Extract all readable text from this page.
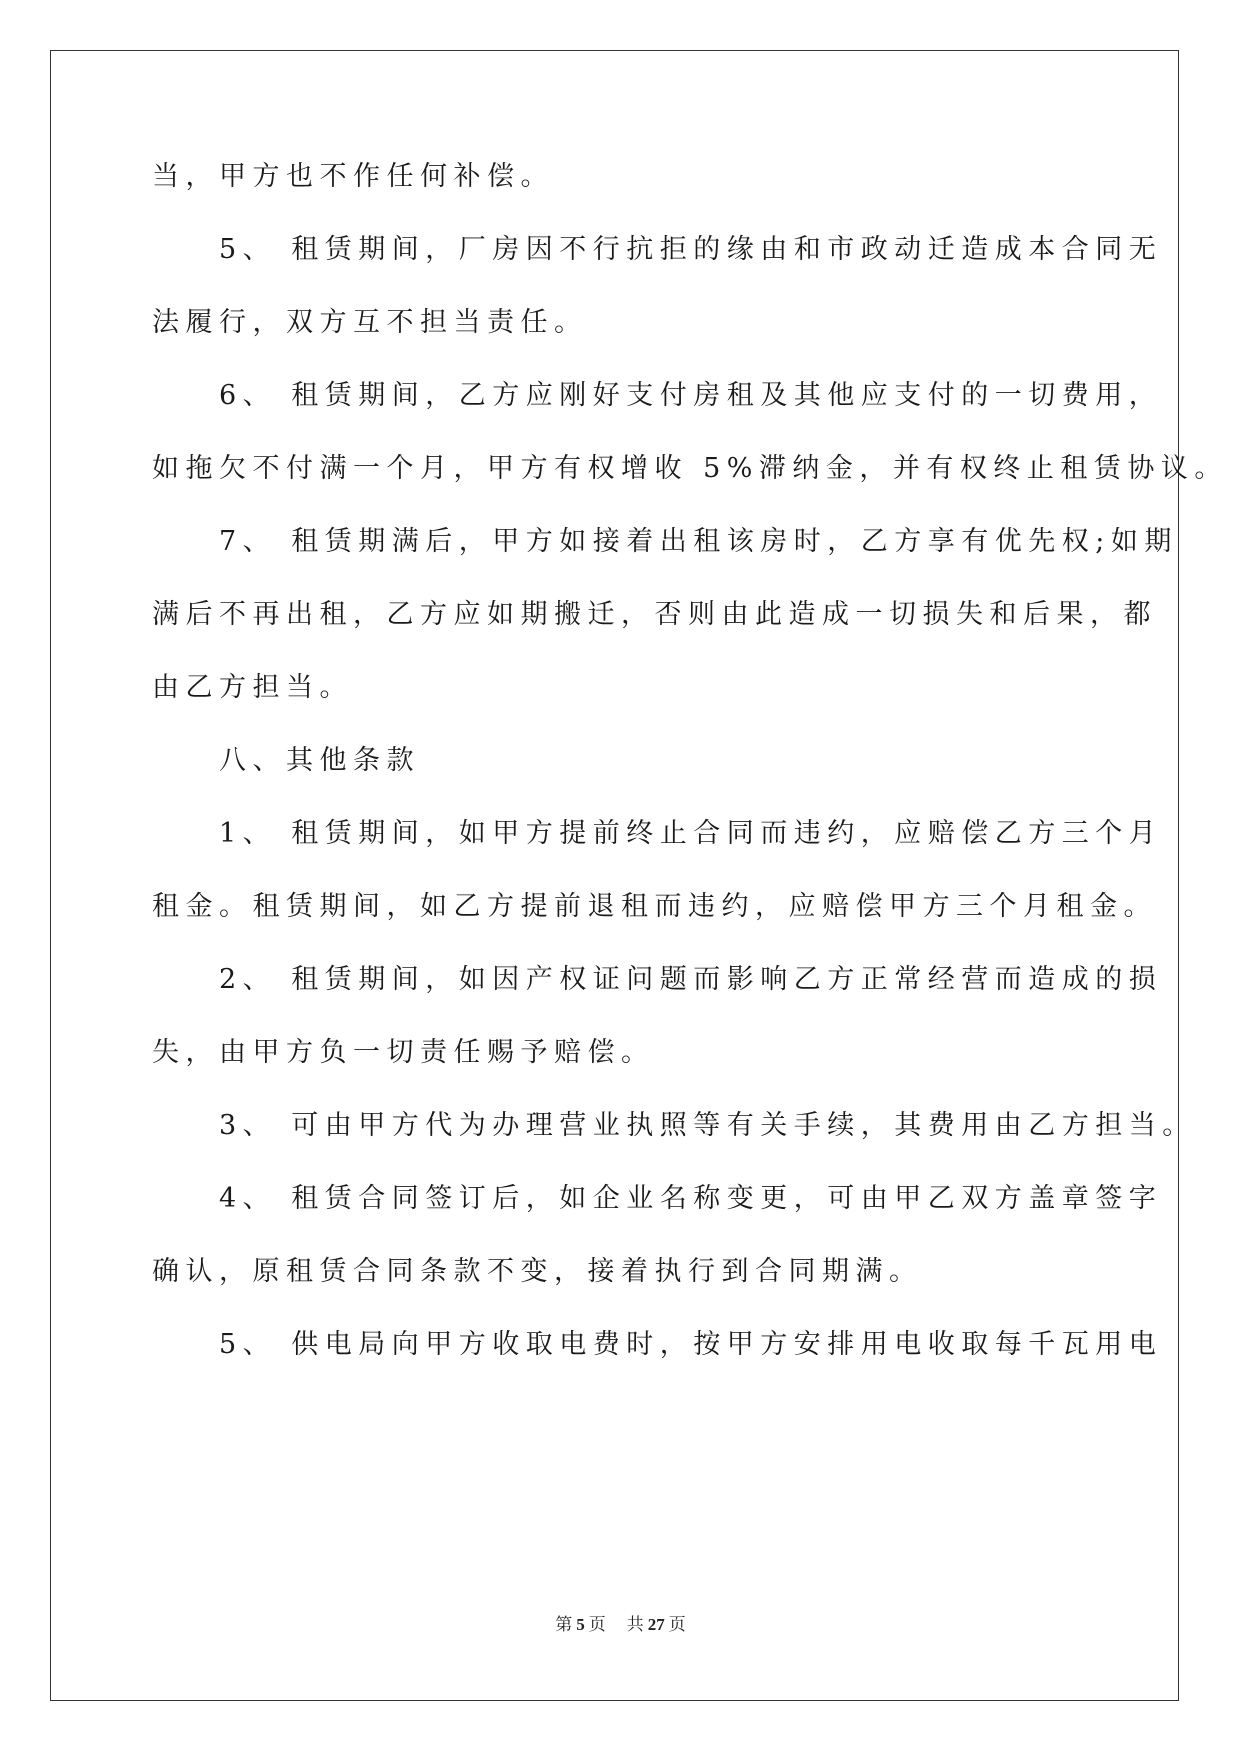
当，甲方也不作任何补偿。
　　5、 租赁期间，厂房因不行抗拒的缘由和市政动迁造成本合同无
法履行，双方互不担当责任。
　　6、 租赁期间，乙方应刚好支付房租及其他应支付的一切费用，
如拖欠不付满一个月，甲方有权增收 5%滞纳金，并有权终止租赁协议。
　　7、 租赁期满后，甲方如接着出租该房时，乙方享有优先权;如期
满后不再出租，乙方应如期搬迁，否则由此造成一切损失和后果，都
由乙方担当。
　　八、其他条款
　　1、 租赁期间，如甲方提前终止合同而违约，应赔偿乙方三个月
租金。租赁期间，如乙方提前退租而违约，应赔偿甲方三个月租金。
　　2、 租赁期间，如因产权证问题而影响乙方正常经营而造成的损
失，由甲方负一切责任赐予赔偿。
　　3、 可由甲方代为办理营业执照等有关手续，其费用由乙方担当。
　　4、 租赁合同签订后，如企业名称变更，可由甲乙双方盖章签字
确认，原租赁合同条款不变，接着执行到合同期满。
　　5、 供电局向甲方收取电费时，按甲方安排用电收取每千瓦用电
第 5 页 共 27 页
